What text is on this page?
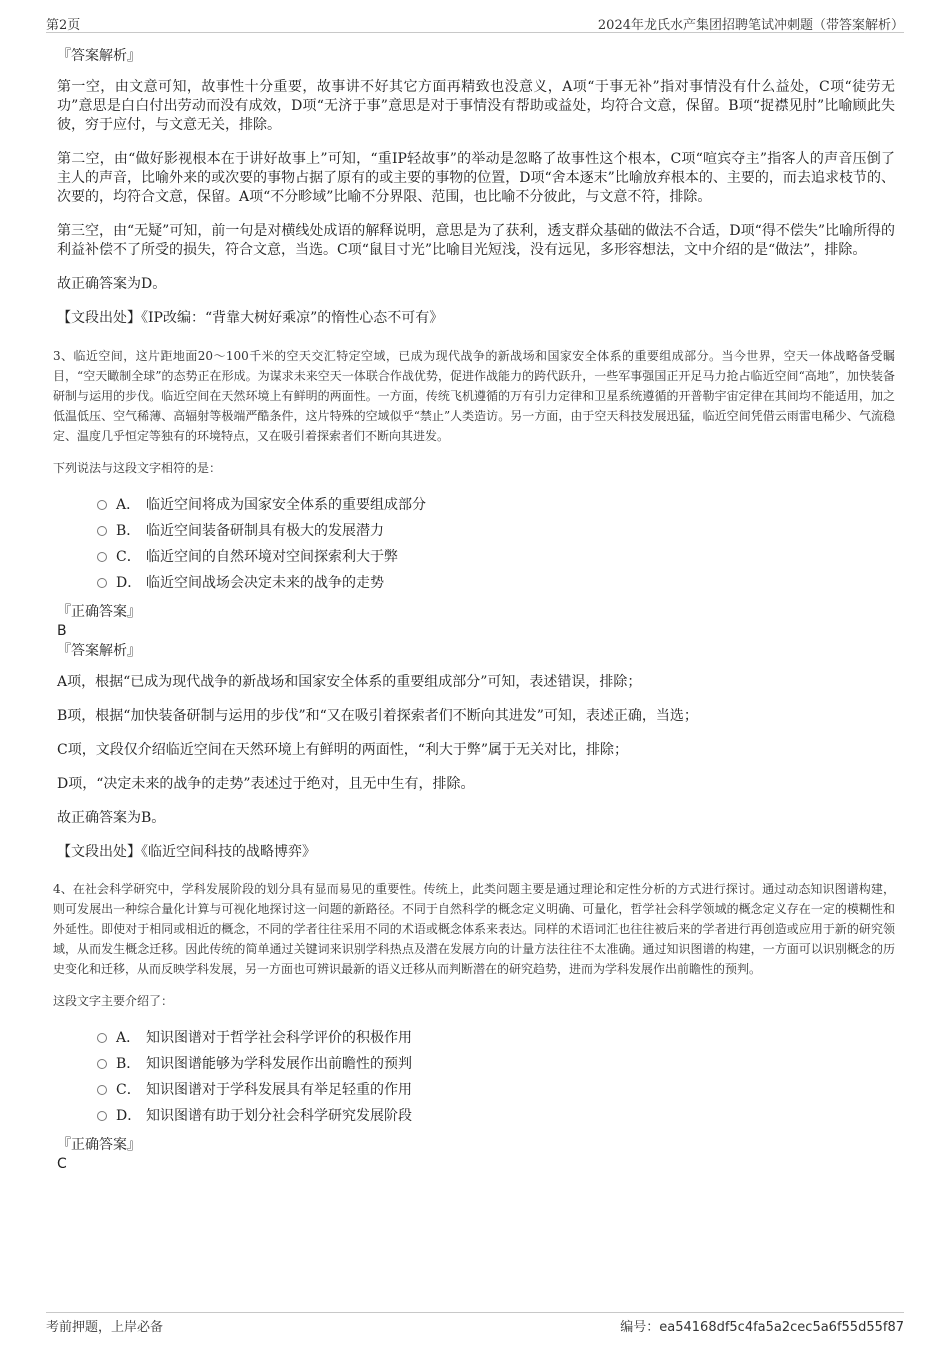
第2页	2024年龙氏水产集团招聘笔试冲刺题（带答案解析）

『答案解析』

第一空，由文意可知，故事性十分重要，故事讲不好其它方面再精致也没意义，A项“于事无补”指对事情没有什么益处，C项“徒劳无功”意思是白白付出劳动而没有成效，D项“无济于事”意思是对于事情没有帮助或益处，均符合文意，保留。B项“捉襟见肘”比喻顾此失彼，穷于应付，与文意无关，排除。

第二空，由“做好影视根本在于讲好故事上”可知，“重IP轻故事”的举动是忽略了故事性这个根本，C项“喧宾夺主”指客人的声音压倒了主人的声音，比喻外来的或次要的事物占据了原有的或主要的事物的位置，D项“舍本逐末”比喻放弃根本的、主要的，而去追求枝节的、次要的，均符合文意，保留。A项“不分畛域”比喻不分界限、范围，也比喻不分彼此，与文意不符，排除。

第三空，由“无疑”可知，前一句是对横线处成语的解释说明，意思是为了获利，透支群众基础的做法不合适，D项“得不偿失”比喻所得的利益补偿不了所受的损失，符合文意，当选。C项“鼠目寸光”比喻目光短浅，没有远见，多形容想法，文中介绍的是“做法”，排除。

故正确答案为D。

【文段出处】《IP改编：“背靠大树好乘凉”的惰性心态不可有》

3、临近空间，这片距地面20～100千米的空天交汇特定空域，已成为现代战争的新战场和国家安全体系的重要组成部分。当今世界，空天一体战略备受瞩目，“空天瞰制全球”的态势正在形成。为谋求未来空天一体联合作战优势，促进作战能力的跨代跃升，一些军事强国正开足马力抢占临近空间“高地”，加快装备研制与运用的步伐。临近空间在天然环境上有鲜明的两面性。一方面，传统飞机遵循的万有引力定律和卫星系统遵循的开普勒宇宙定律在其间均不能适用，加之低温低压、空气稀薄、高辐射等极端严酷条件，这片特殊的空域似乎“禁止”人类造访。另一方面，由于空天科技发展迅猛，临近空间凭借云雨雷电稀少、气流稳定、温度几乎恒定等独有的环境特点，又在吸引着探索者们不断向其进发。

下列说法与这段文字相符的是：

A． 临近空间将成为国家安全体系的重要组成部分
B． 临近空间装备研制具有极大的发展潜力
C． 临近空间的自然环境对空间探索利大于弊
D． 临近空间战场会决定未来的战争的走势

『正确答案』

B

『答案解析』

A项，根据“已成为现代战争的新战场和国家安全体系的重要组成部分”可知，表述错误，排除；

B项，根据“加快装备研制与运用的步伐”和“又在吸引着探索者们不断向其进发”可知，表述正确，当选；

C项，文段仅介绍临近空间在天然环境上有鲜明的两面性，“利大于弊”属于无关对比，排除；

D项，“决定未来的战争的走势”表述过于绝对，且无中生有，排除。

故正确答案为B。

【文段出处】《临近空间科技的战略博弈》

4、在社会科学研究中，学科发展阶段的划分具有显而易见的重要性。传统上，此类问题主要是通过理论和定性分析的方式进行探讨。通过动态知识图谱构建，则可发展出一种综合量化计算与可视化地探讨这一问题的新路径。不同于自然科学的概念定义明确、可量化，哲学社会科学领域的概念定义存在一定的模糊性和外延性。即使对于相同或相近的概念，不同的学者往往采用不同的术语或概念体系来表达。同样的术语词汇也往往被后来的学者进行再创造或应用于新的研究领域，从而发生概念迁移。因此传统的简单通过关键词来识别学科热点及潜在发展方向的计量方法往往不太准确。通过知识图谱的构建，一方面可以识别概念的历史变化和迁移，从而反映学科发展，另一方面也可辨识最新的语义迁移从而判断潜在的研究趋势，进而为学科发展作出前瞻性的预判。

这段文字主要介绍了：

A． 知识图谱对于哲学社会科学评价的积极作用
B． 知识图谱能够为学科发展作出前瞻性的预判
C． 知识图谱对于学科发展具有举足轻重的作用
D． 知识图谱有助于划分社会科学研究发展阶段

『正确答案』

C

考前押题，上岸必备	编号：ea54168df5c4fa5a2cec5a6f55d55f87
